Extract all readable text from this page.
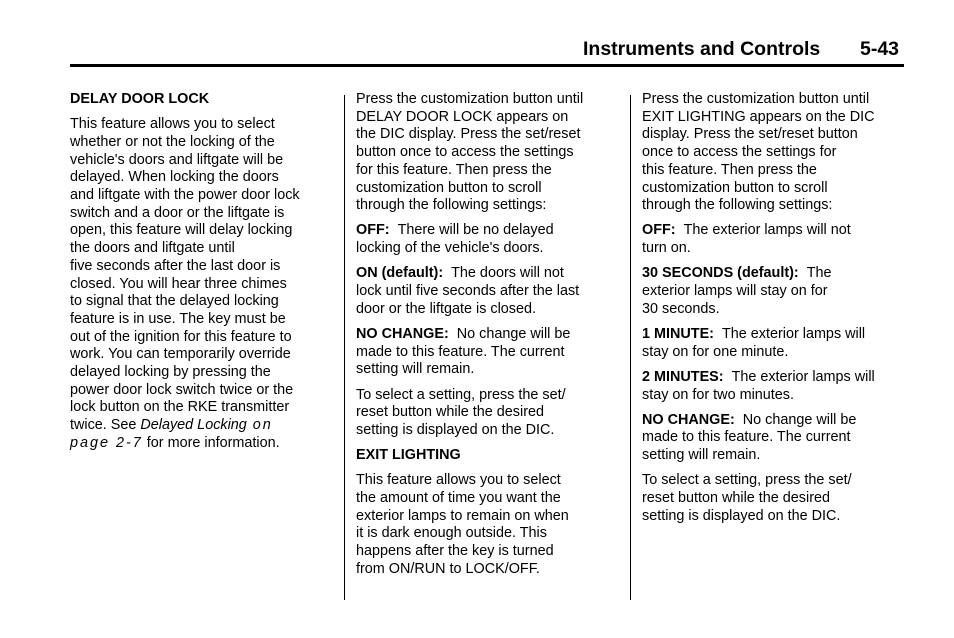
Instruments and Controls 5-43

DELAY DOOR LOCK

This feature allows you to select
whether or not the locking of the
vehicle's doors and liftgate will be
delayed. When locking the doors
and liftgate with the power door lock
switch and a door or the liftgate is
open, this feature will delay locking
the doors and liftgate until
five seconds after the last door is
closed. You will hear three chimes
to signal that the delayed locking
feature is in use. The key must be
out of the ignition for this feature to
work. You can temporarily override
delayed locking by pressing the
power door lock switch twice or the
lock button on the RKE transmitter
twice. See Delayed Locking on
page 2-7 for more information.

Press the customization button until
DELAY DOOR LOCK appears on
the DIC display. Press the set/reset
button once to access the settings
for this feature. Then press the
customization button to scroll
through the following settings:

OFF: There will be no delayed
locking of the vehicle's doors.

ON (default): The doors will not
lock until five seconds after the last
door or the liftgate is closed.

NO CHANGE: No change will be
made to this feature. The current
setting will remain.

To select a setting, press the set/
reset button while the desired
setting is displayed on the DIC.

EXIT LIGHTING

This feature allows you to select
the amount of time you want the
exterior lamps to remain on when
it is dark enough outside. This
happens after the key is turned
from ON/RUN to LOCK/OFF.

Press the customization button until
EXIT LIGHTING appears on the DIC
display. Press the set/reset button
once to access the settings for
this feature. Then press the
customization button to scroll
through the following settings:

OFF: The exterior lamps will not
turn on.

30 SECONDS (default): The
exterior lamps will stay on for
30 seconds.

1 MINUTE: The exterior lamps will
stay on for one minute.

2 MINUTES: The exterior lamps will
stay on for two minutes.

NO CHANGE: No change will be
made to this feature. The current
setting will remain.

To select a setting, press the set/
reset button while the desired
setting is displayed on the DIC.
